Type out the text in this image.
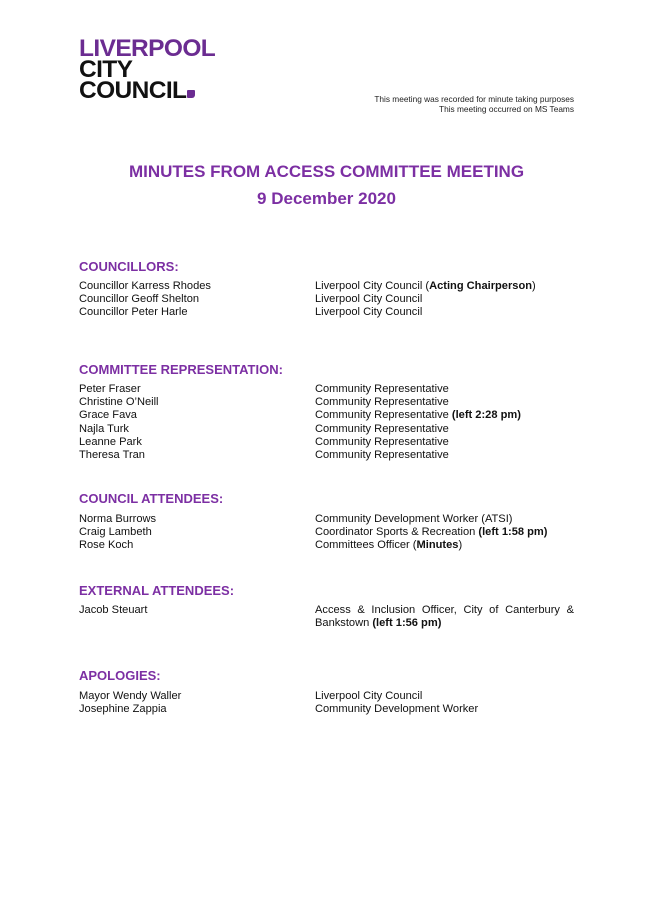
LIVERPOOL
CITY
COUNCIL	This meeting was recorded for minute taking purposes
This meeting occurred on MS Teams
MINUTES FROM ACCESS COMMITTEE MEETING
9 December 2020
COUNCILLORS:
Councillor Karress Rhodes	Liverpool City Council (Acting Chairperson)
Councillor Geoff Shelton	Liverpool City Council
Councillor Peter Harle	Liverpool City Council
COMMITTEE REPRESENTATION:
Peter Fraser	Community Representative
Christine O’Neill	Community Representative
Grace Fava	Community Representative (left 2:28 pm)
Najla Turk	Community Representative
Leanne Park	Community Representative
Theresa Tran	Community Representative
COUNCIL ATTENDEES:
Norma Burrows	Community Development Worker (ATSI)
Craig Lambeth	Coordinator Sports & Recreation (left 1:58 pm)
Rose Koch	Committees Officer (Minutes)
EXTERNAL ATTENDEES:
Jacob Steuart	Access & Inclusion Officer, City of Canterbury & Bankstown (left 1:56 pm)
APOLOGIES:
Mayor Wendy Waller	Liverpool City Council
Josephine Zappia	Community Development Worker
